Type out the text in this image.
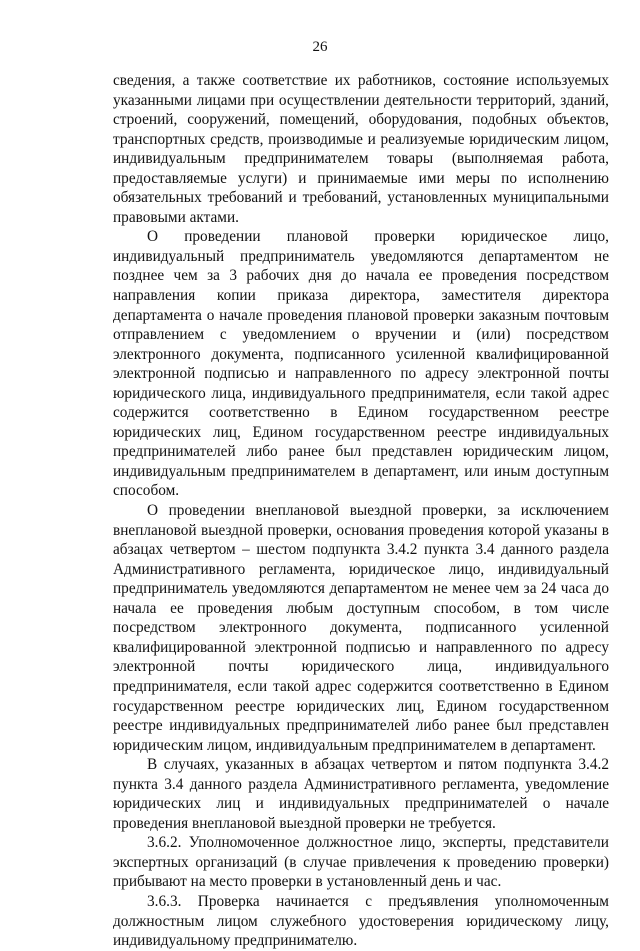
26

сведения, а также соответствие их работников, состояние используемых указанными лицами при осуществлении деятельности территорий, зданий, строений, сооружений, помещений, оборудования, подобных объектов, транспортных средств, производимые и реализуемые юридическим лицом, индивидуальным предпринимателем товары (выполняемая работа, предоставляемые услуги) и принимаемые ими меры по исполнению обязательных требований и требований, установленных муниципальными правовыми актами.

О проведении плановой проверки юридическое лицо, индивидуальный предприниматель уведомляются департаментом не позднее чем за 3 рабочих дня до начала ее проведения посредством направления копии приказа директора, заместителя директора департамента о начале проведения плановой проверки заказным почтовым отправлением с уведомлением о вручении и (или) посредством электронного документа, подписанного усиленной квалифицированной электронной подписью и направленного по адресу электронной почты юридического лица, индивидуального предпринимателя, если такой адрес содержится соответственно в Едином государственном реестре юридических лиц, Едином государственном реестре индивидуальных предпринимателей либо ранее был представлен юридическим лицом, индивидуальным предпринимателем в департамент, или иным доступным способом.

О проведении внеплановой выездной проверки, за исключением внеплановой выездной проверки, основания проведения которой указаны в абзацах четвертом – шестом подпункта 3.4.2 пункта 3.4 данного раздела Административного регламента, юридическое лицо, индивидуальный предприниматель уведомляются департаментом не менее чем за 24 часа до начала ее проведения любым доступным способом, в том числе посредством электронного документа, подписанного усиленной квалифицированной электронной подписью и направленного по адресу электронной почты юридического лица, индивидуального предпринимателя, если такой адрес содержится соответственно в Едином государственном реестре юридических лиц, Едином государственном реестре индивидуальных предпринимателей либо ранее был представлен юридическим лицом, индивидуальным предпринимателем в департамент.

В случаях, указанных в абзацах четвертом и пятом подпункта 3.4.2 пункта 3.4 данного раздела Административного регламента, уведомление юридических лиц и индивидуальных предпринимателей о начале проведения внеплановой выездной проверки не требуется.

3.6.2. Уполномоченное должностное лицо, эксперты, представители экспертных организаций (в случае привлечения к проведению проверки) прибывают на место проверки в установленный день и час.

3.6.3. Проверка начинается с предъявления уполномоченным должностным лицом служебного удостоверения юридическому лицу, индивидуальному предпринимателю.
